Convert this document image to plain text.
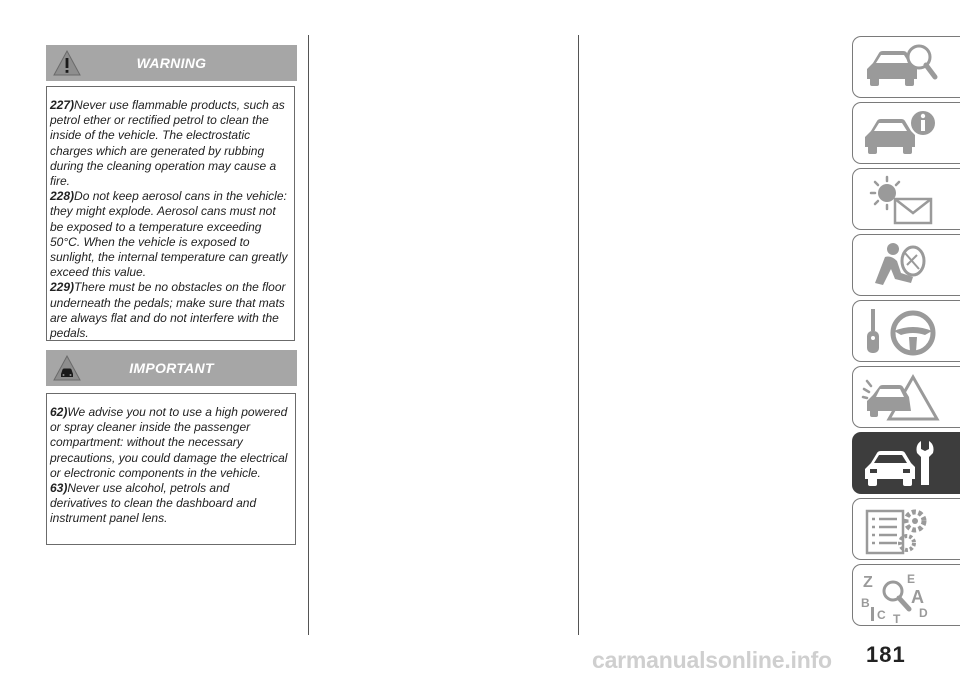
WARNING

227)Never use flammable products, such as petrol ether or rectified petrol to clean the inside of the vehicle. The electrostatic charges which are generated by rubbing during the cleaning operation may cause a fire.

228)Do not keep aerosol cans in the vehicle: they might explode. Aerosol cans must not be exposed to a temperature exceeding 50°C. When the vehicle is exposed to sunlight, the internal temperature can greatly exceed this value.

229)There must be no obstacles on the floor underneath the pedals; make sure that mats are always flat and do not interfere with the pedals.

IMPORTANT

62)We advise you not to use a high powered or spray cleaner inside the passenger compartment: without the necessary precautions, you could damage the electrical or electronic components in the vehicle.

63)Never use alcohol, petrols and derivatives to clean the dashboard and instrument panel lens.

Z	E
B A
C	D
T
181
carmanualsonline.info
